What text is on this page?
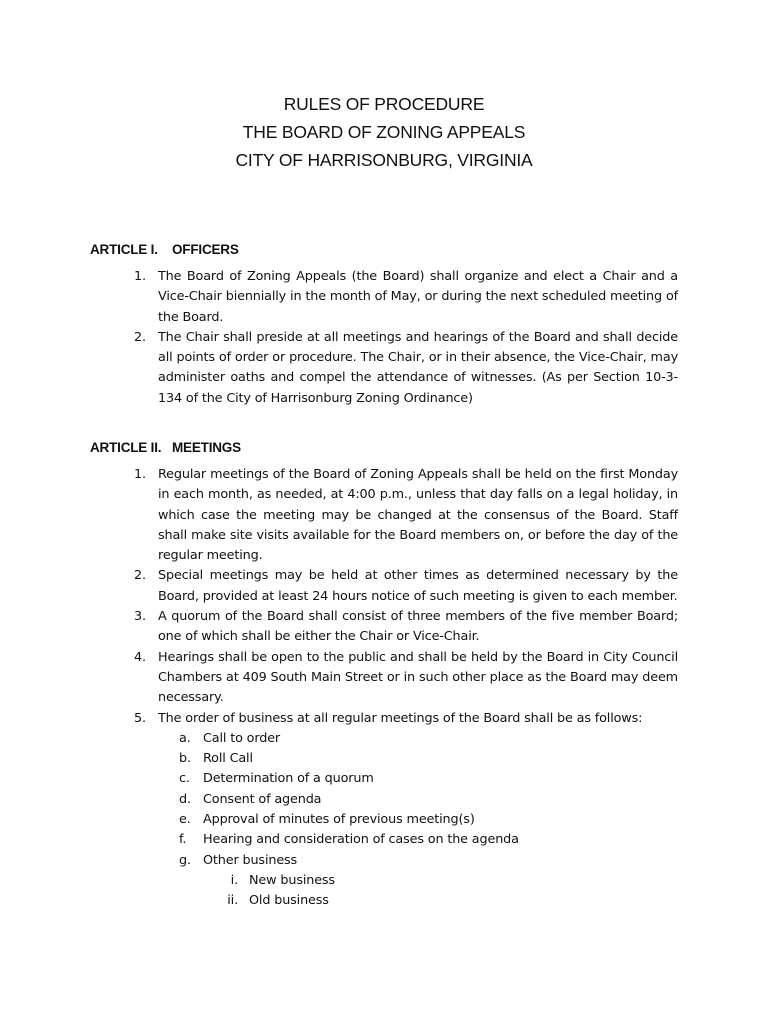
RULES OF PROCEDURE
THE BOARD OF ZONING APPEALS
CITY OF HARRISONBURG, VIRGINIA
ARTICLE I. OFFICERS
1. The Board of Zoning Appeals (the Board) shall organize and elect a Chair and a Vice-Chair biennially in the month of May, or during the next scheduled meeting of the Board.
2. The Chair shall preside at all meetings and hearings of the Board and shall decide all points of order or procedure. The Chair, or in their absence, the Vice-Chair, may administer oaths and compel the attendance of witnesses. (As per Section 10-3-134 of the City of Harrisonburg Zoning Ordinance)
ARTICLE II. MEETINGS
1. Regular meetings of the Board of Zoning Appeals shall be held on the first Monday in each month, as needed, at 4:00 p.m., unless that day falls on a legal holiday, in which case the meeting may be changed at the consensus of the Board. Staff shall make site visits available for the Board members on, or before the day of the regular meeting.
2. Special meetings may be held at other times as determined necessary by the Board, provided at least 24 hours notice of such meeting is given to each member.
3. A quorum of the Board shall consist of three members of the five member Board; one of which shall be either the Chair or Vice-Chair.
4. Hearings shall be open to the public and shall be held by the Board in City Council Chambers at 409 South Main Street or in such other place as the Board may deem necessary.
5. The order of business at all regular meetings of the Board shall be as follows:
a. Call to order
b. Roll Call
c. Determination of a quorum
d. Consent of agenda
e. Approval of minutes of previous meeting(s)
f. Hearing and consideration of cases on the agenda
g. Other business
i. New business
ii. Old business
